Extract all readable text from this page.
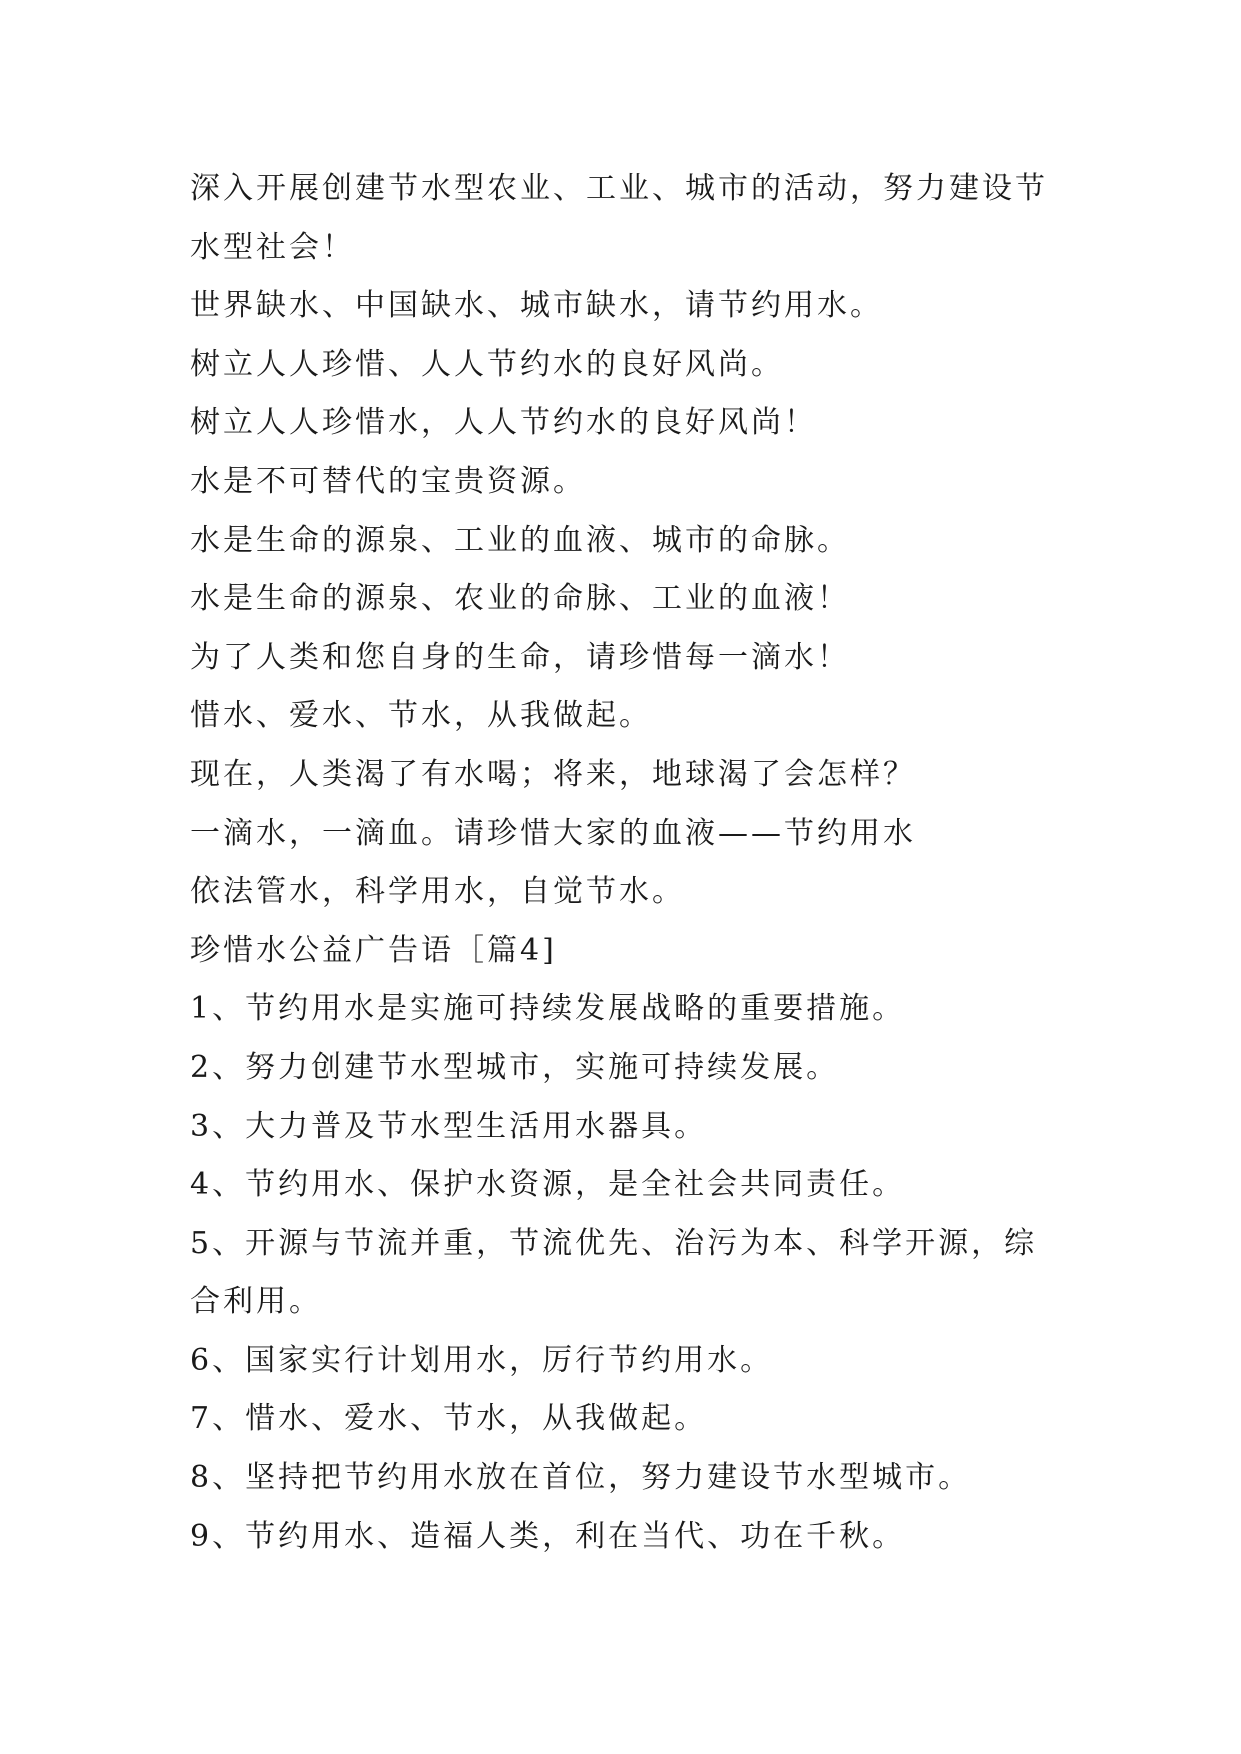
深入开展创建节水型农业、工业、城市的活动，努力建设节
水型社会！
世界缺水、中国缺水、城市缺水，请节约用水。
树立人人珍惜、人人节约水的良好风尚。
树立人人珍惜水，人人节约水的良好风尚！
水是不可替代的宝贵资源。
水是生命的源泉、工业的血液、城市的命脉。
水是生命的源泉、农业的命脉、工业的血液！
为了人类和您自身的生命，请珍惜每一滴水！
惜水、爱水、节水，从我做起。
现在，人类渴了有水喝；将来，地球渴了会怎样？
一滴水，一滴血。请珍惜大家的血液——节约用水
依法管水，科学用水，自觉节水。
珍惜水公益广告语［篇4]
1、节约用水是实施可持续发展战略的重要措施。
2、努力创建节水型城市，实施可持续发展。
3、大力普及节水型生活用水器具。
4、节约用水、保护水资源，是全社会共同责任。
5、开源与节流并重，节流优先、治污为本、科学开源，综
合利用。
6、国家实行计划用水，厉行节约用水。
7、惜水、爱水、节水，从我做起。
8、坚持把节约用水放在首位，努力建设节水型城市。
9、节约用水、造福人类，利在当代、功在千秋。
